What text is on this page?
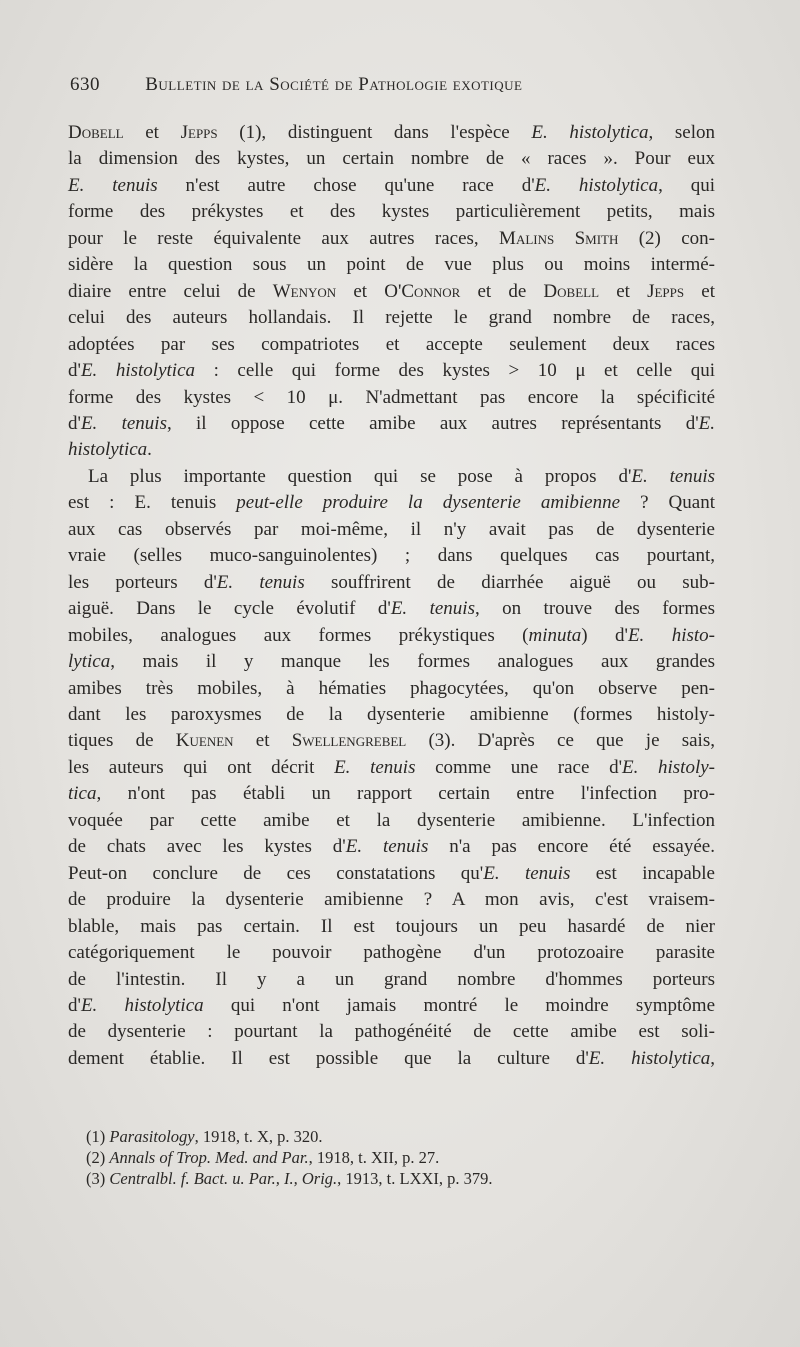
630 Bulletin de la Société de Pathologie exotique

Dobell et Jepps (1), distinguent dans l'espèce E. histolytica, selon
la dimension des kystes, un certain nombre de « races ». Pour eux
E. tenuis n'est autre chose qu'une race d'E. histolytica, qui
forme des prékystes et des kystes particulièrement petits, mais
pour le reste équivalente aux autres races, Malins Smith (2) con-
sidère la question sous un point de vue plus ou moins intermé-
diaire entre celui de Wenyon et O'Connor et de Dobell et Jepps et
celui des auteurs hollandais. Il rejette le grand nombre de races,
adoptées par ses compatriotes et accepte seulement deux races
d'E. histolytica : celle qui forme des kystes > 10 μ et celle qui
forme des kystes < 10 μ. N'admettant pas encore la spécificité
d'E. tenuis, il oppose cette amibe aux autres représentants d'E.
histolytica.

La plus importante question qui se pose à propos d'E. tenuis
est : E. tenuis peut-elle produire la dysenterie amibienne ? Quant
aux cas observés par moi-même, il n'y avait pas de dysenterie
vraie (selles muco-sanguinolentes) ; dans quelques cas pourtant,
les porteurs d'E. tenuis souffrirent de diarrhée aiguë ou sub-
aiguë. Dans le cycle évolutif d'E. tenuis, on trouve des formes
mobiles, analogues aux formes prékystiques (minuta) d'E. histo-
lytica, mais il y manque les formes analogues aux grandes
amibes très mobiles, à hématies phagocytées, qu'on observe pen-
dant les paroxysmes de la dysenterie amibienne (formes histoly-
tiques de Kuenen et Swellengrebel (3). D'après ce que je sais,
les auteurs qui ont décrit E. tenuis comme une race d'E. histoly-
tica, n'ont pas établi un rapport certain entre l'infection pro-
voquée par cette amibe et la dysenterie amibienne. L'infection
de chats avec les kystes d'E. tenuis n'a pas encore été essayée.
Peut-on conclure de ces constatations qu'E. tenuis est incapable
de produire la dysenterie amibienne ? A mon avis, c'est vraisem-
blable, mais pas certain. Il est toujours un peu hasardé de nier
catégoriquement le pouvoir pathogène d'un protozoaire parasite
de l'intestin. Il y a un grand nombre d'hommes porteurs
d'E. histolytica qui n'ont jamais montré le moindre symptôme
de dysenterie : pourtant la pathogénéité de cette amibe est soli-
dement établie. Il est possible que la culture d'E. histolytica,

(1) Parasitology, 1918, t. X, p. 320.
(2) Annals of Trop. Med. and Par., 1918, t. XII, p. 27.
(3) Centralbl. f. Bact. u. Par., I., Orig., 1913, t. LXXI, p. 379.
